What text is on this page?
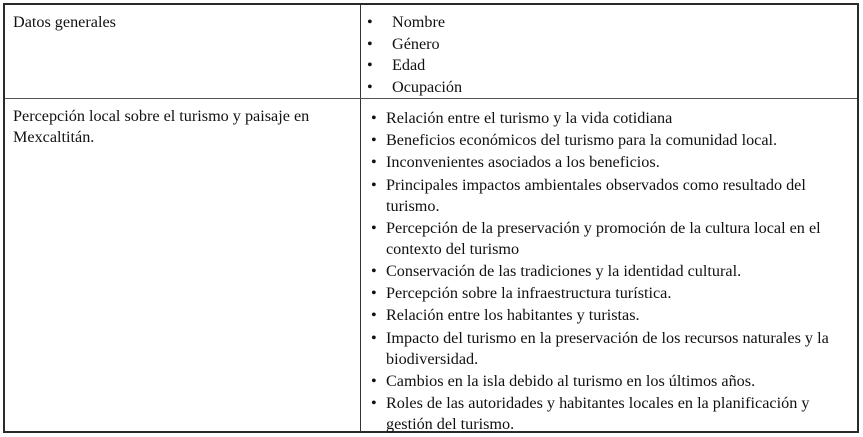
Datos generales	• Nombre
• Género
• Edad
• Ocupación
Percepción local sobre el turismo y paisaje en Mexcaltitán.
• Relación entre el turismo y la vida cotidiana
• Beneficios económicos del turismo para la comunidad local.
• Inconvenientes asociados a los beneficios.
• Principales impactos ambientales observados como resultado del turismo.
• Percepción de la preservación y promoción de la cultura local en el contexto del turismo
• Conservación de las tradiciones y la identidad cultural.
• Percepción sobre la infraestructura turística.
• Relación entre los habitantes y turistas.
• Impacto del turismo en la preservación de los recursos naturales y la biodiversidad.
• Cambios en la isla debido al turismo en los últimos años.
• Roles de las autoridades y habitantes locales en la planificación y gestión del turismo.
